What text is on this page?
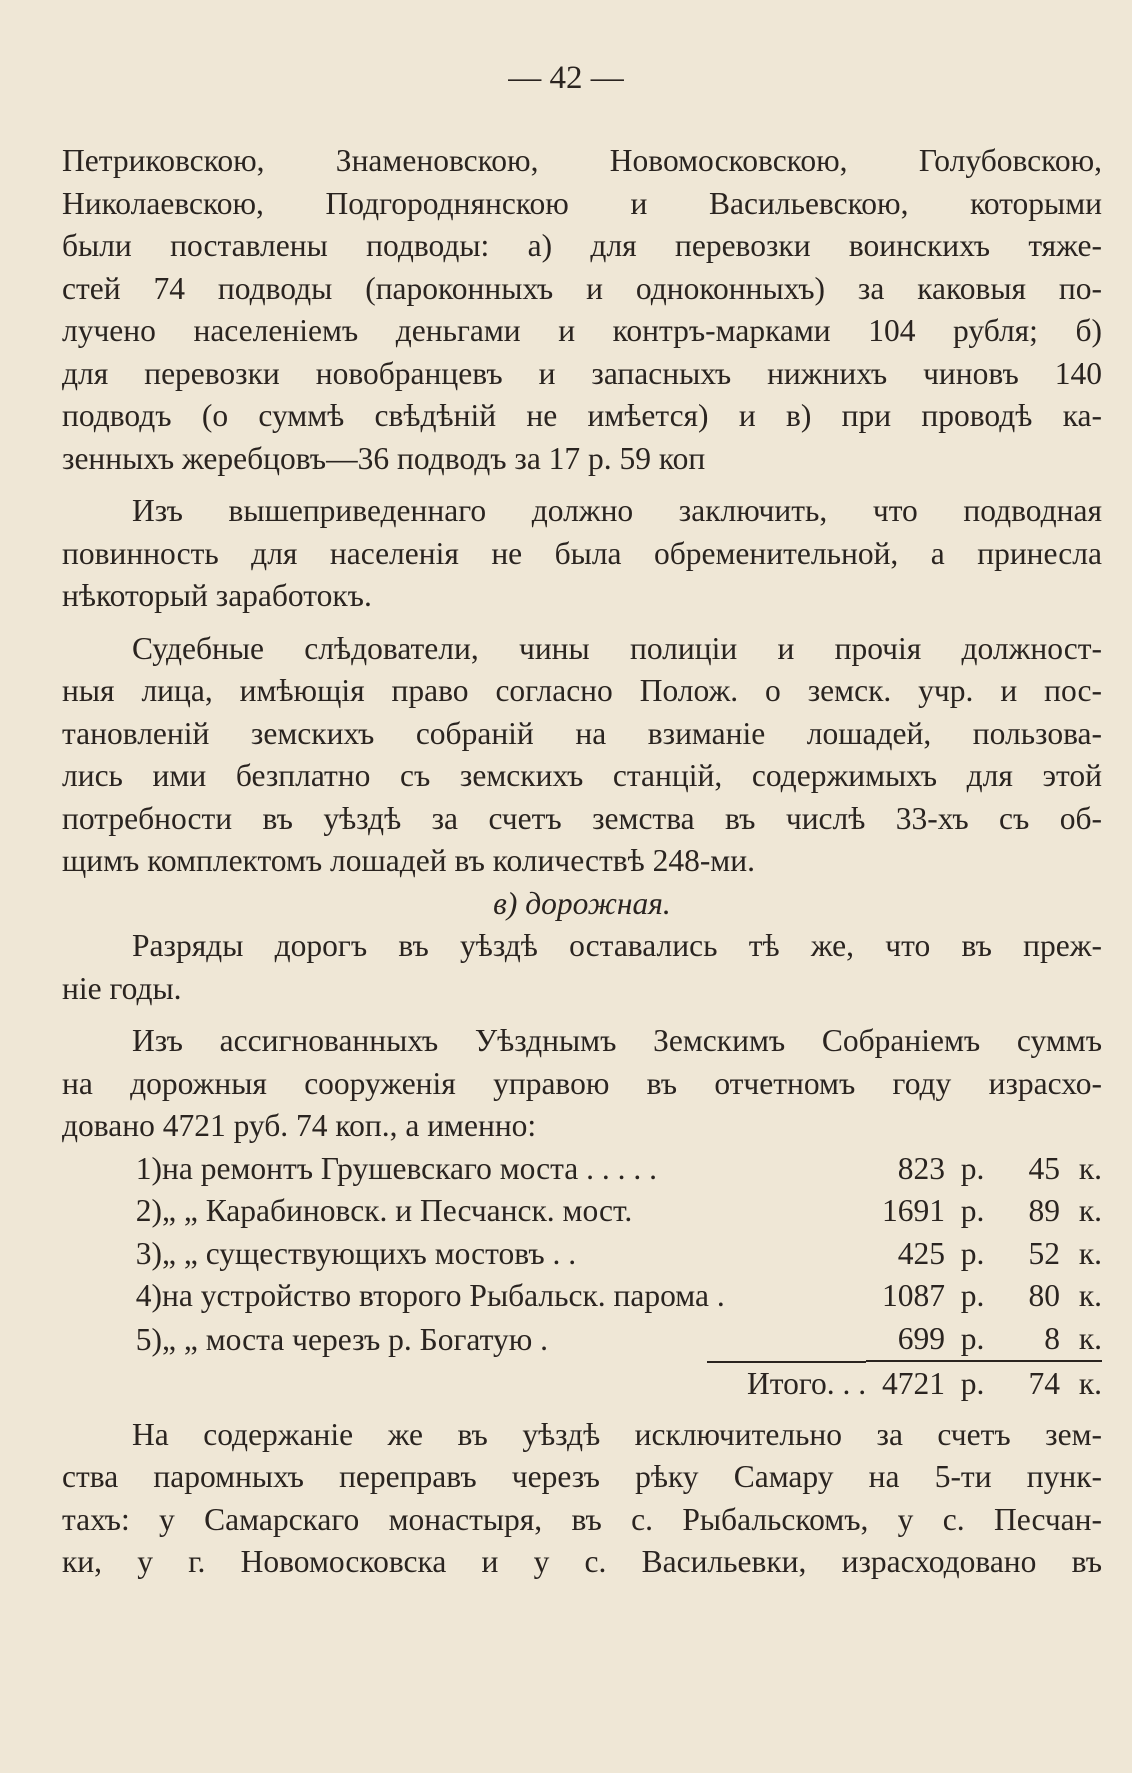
— 42 —
Петриковскою, Знаменовскою, Новомосковскою, Голубовскою,
Николаевскою, Подгороднянскою и Васильевскою, которыми
были поставлены подводы: а) для перевозки воинскихъ тяже-
стей 74 подводы (пароконныхъ и одноконныхъ) за каковыя по-
лучено населеніемъ деньгами и контръ-марками 104 рубля; б)
для перевозки новобранцевъ и запасныхъ нижнихъ чиновъ 140
подводъ (о суммѣ свѣдѣній не имѣется) и в) при проводѣ ка-
зенныхъ жеребцовъ—36 подводъ за 17 р. 59 коп
Изъ вышеприведеннаго должно заключить, что подводная
повинность для населенія не была обременительной, а принесла
нѣкоторый заработокъ.
Судебные слѣдователи, чины полиціи и прочія должност-
ныя лица, имѣющія право согласно Полож. о земск. учр. и пос-
тановленій земскихъ собраній на взиманіе лошадей, пользова-
лись ими безплатно съ земскихъ станцій, содержимыхъ для этой
потребности въ уѣздѣ за счетъ земства въ числѣ 33-хъ съ об-
щимъ комплектомъ лошадей въ количествѣ 248-ми.
в) дорожная.
Разряды дорогъ въ уѣздѣ оставались тѣ же, что въ преж-
ніе годы.
Изъ ассигнованныхъ Уѣзднымъ Земскимъ Собраніемъ суммъ
на дорожныя сооруженія управою въ отчетномъ году израсхо-
довано 4721 руб. 74 коп., а именно:
1)	на ремонтъ Грушевскаго моста . . . . .	823	р.	45	к.
2)	„ „ Карабиновск. и Песчанск. мост.	1691	р.	89	к.
3)	„ „ существующихъ мостовъ . .	425	р.	52	к.
4)	на устройство второго Рыбальск. парома .	1087	р.	80	к.
5)	„ „ моста черезъ р. Богатую .	699	р.	8	к.
	Итого. . .	4721	р.	74	к.
На содержаніе же въ уѣздѣ исключительно за счетъ зем-
ства паромныхъ переправъ черезъ рѣку Самару на 5-ти пунк-
тахъ: у Самарскаго монастыря, въ с. Рыбальскомъ, у с. Песчан-
ки, у г. Новомосковска и у с. Васильевки, израсходовано въ
